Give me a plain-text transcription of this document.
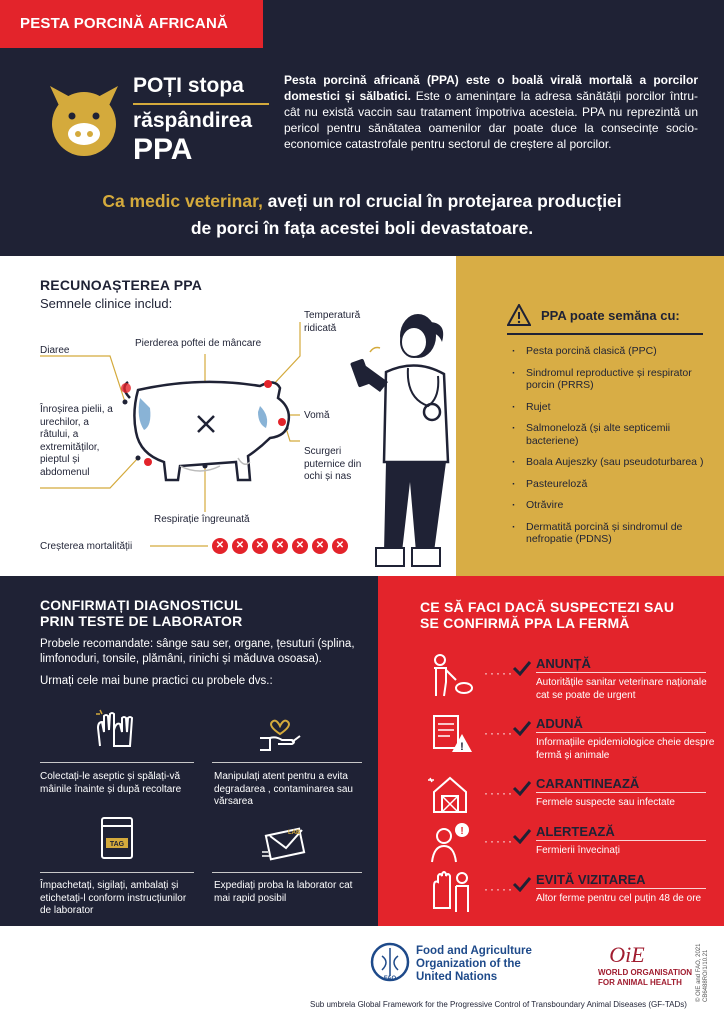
PESTA PORCINĂ AFRICANĂ
POȚI stopa
răspândirea
PPA
Pesta porcină africană (PPA) este o boală virală mortală a porcilor domestici și sălbatici. Este o amenințare la adresa sănătății porcilor întru-cât nu există vaccin sau tratament împotriva acesteia. PPA nu reprezintă un pericol pentru sănătatea oamenilor dar poate duce la consecințe socio-economice catastrofale pentru sectorul de creștere al porcilor.
Ca medic veterinar, aveți un rol crucial în protejarea producției
de porci în fața acestei boli devastatoare.
RECUNOAȘTEREA PPA
Semnele clinice includ:
Diaree
Pierderea poftei de mâncare
Temperatură ridicată
Înroșirea pielii, a urechilor, a râtului, a extremităților, pieptul și abdomenul
Vomă
Scurgeri puternice din ochi și nas
Respirație îngreunată
Creșterea mortalității	✕	✕	✕	✕	✕	✕	✕
PPA poate semăna cu:
· Pesta porcină clasică (PPC)
· Sindromul reproductive și respirator porcin (PRRS)
· Rujet
· Salmoneloză (și alte septicemii bacteriene)
· Boala Aujeszky (sau pseudoturbarea )
· Pasteureloză
· Otrăvire
· Dermatită porcină și sindromul de nefropatie (PDNS)
CONFIRMAȚI DIAGNOSTICUL
PRIN TESTE DE LABORATOR
Probele recomandate: sânge sau ser, organe, țesuturi (splina, limfonoduri, tonsile, plămâni, rinichi și măduva osoasa).
Urmați cele mai bune practici cu probele dvs.:
Colectați-le aseptic și spălați-vă mâinile înainte și după recoltare
Manipulați atent pentru a evita degradarea , contaminarea sau vărsarea
TAG
LAB
Împachetați, sigilați, ambalați și etichetați-l conform instrucțiunilor de laborator
Expediați proba la laborator cat mai rapid posibil
CE SĂ FACI DACĂ SUSPECTEZI SAU
SE CONFIRMĂ PPA LA FERMĂ
·····
ANUNȚĂ
Autoritățile sanitar veterinare naționale cat se poate de urgent
!
·····
ADUNĂ
Informațiile epidemiologice cheie despre fermă și animale
·····
CARANTINEAZĂ
Fermele suspecte sau infectate
!
·····
ALERTEAZĂ
Fermierii învecinați
·····
EVITĂ VIZITAREA
Altor ferme pentru cel puțin 48 de ore
FAO
Food and Agriculture
Organization of the
United Nations
OiE
WORLD ORGANISATION
FOR ANIMAL HEALTH	© OIE and FAO, 2021 CB6488RO/1/10.21
Sub umbrela Global Framework for the Progressive Control of Transboundary Animal Diseases (GF-TADs)
